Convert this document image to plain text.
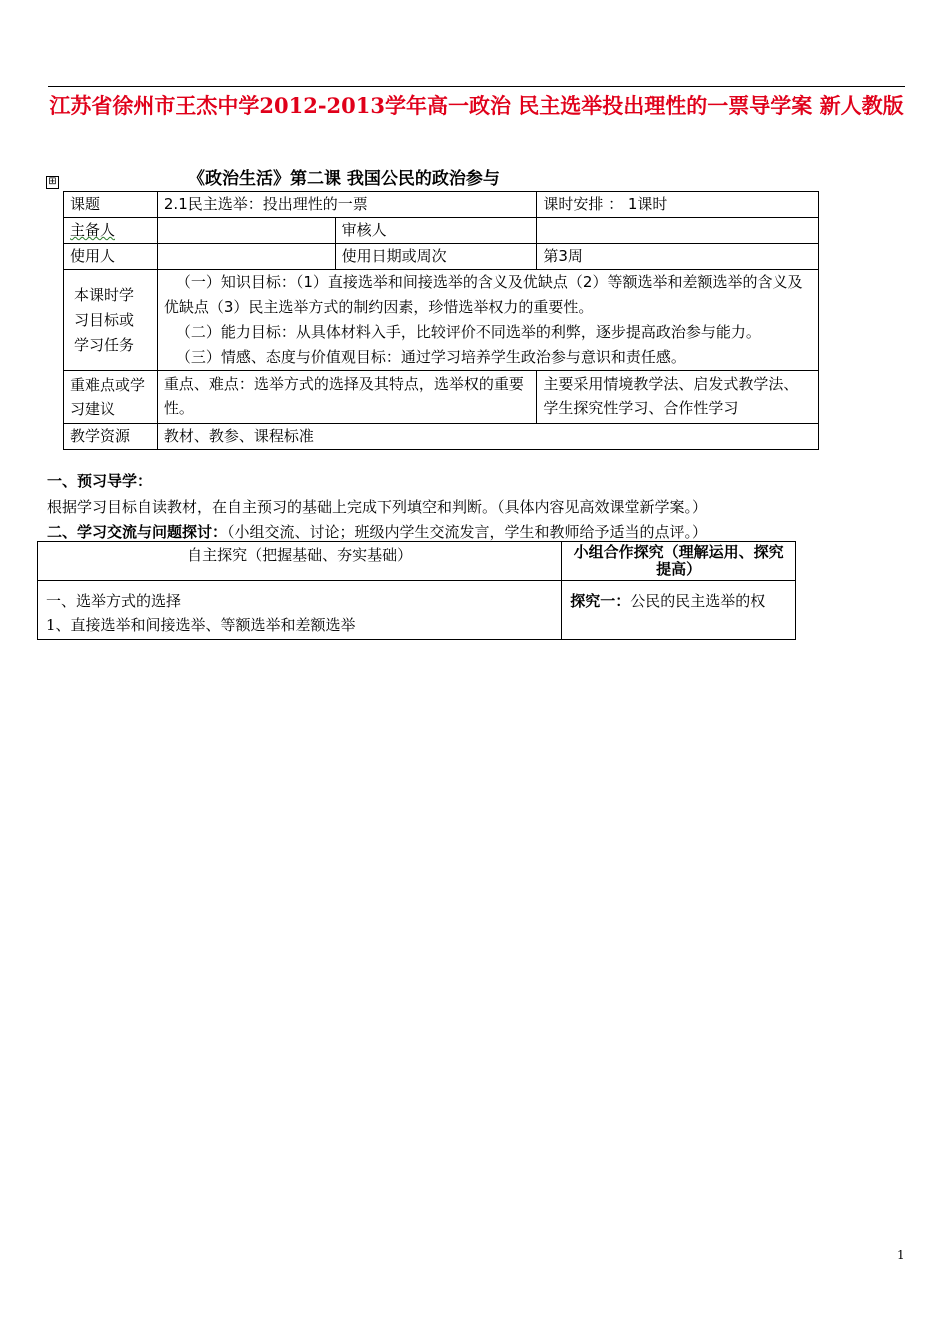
江苏省徐州市王杰中学2012-2013学年高一政治 民主选举投出理性的一票导学案 新人教版
⊞	《政治生活》第二课 我国公民的政治参与
课题	2.1民主选举：投出理性的一票		课时安排 ： 1课时
主备人		审核人	
使用人		使用日期或周次	第3周
本课时学习目标或学习任务	（一）知识目标：（1）直接选举和间接选举的含义及优缺点（2）等额选举和差额选举的含义及优缺点（3）民主选举方式的制约因素，珍惜选举权力的重要性。
（二）能力目标：从具体材料入手，比较评价不同选举的利弊，逐步提高政治参与能力。
（三）情感、态度与价值观目标：通过学习培养学生政治参与意识和责任感。		

重难点或学习建议	重点、难点：选举方式的选择及其特点，选举权的重要性。		主要采用情境教学法、启发式教学法、学生探究性学习、合作性学习
教学资源	教材、教参、课程标准		
一、预习导学：
根据学习目标自读教材，在自主预习的基础上完成下列填空和判断。（具体内容见高效课堂新学案。）
二、学习交流与问题探讨：（小组交流、讨论；班级内学生交流发言，学生和教师给予适当的点评。）
自主探究（把握基础、夯实基础）	小组合作探究（理解运用、探究提高）

一、选举方式的选择
1、直接选举和间接选举、等额选举和差额选举	探究一：公民的民主选举的权
1
